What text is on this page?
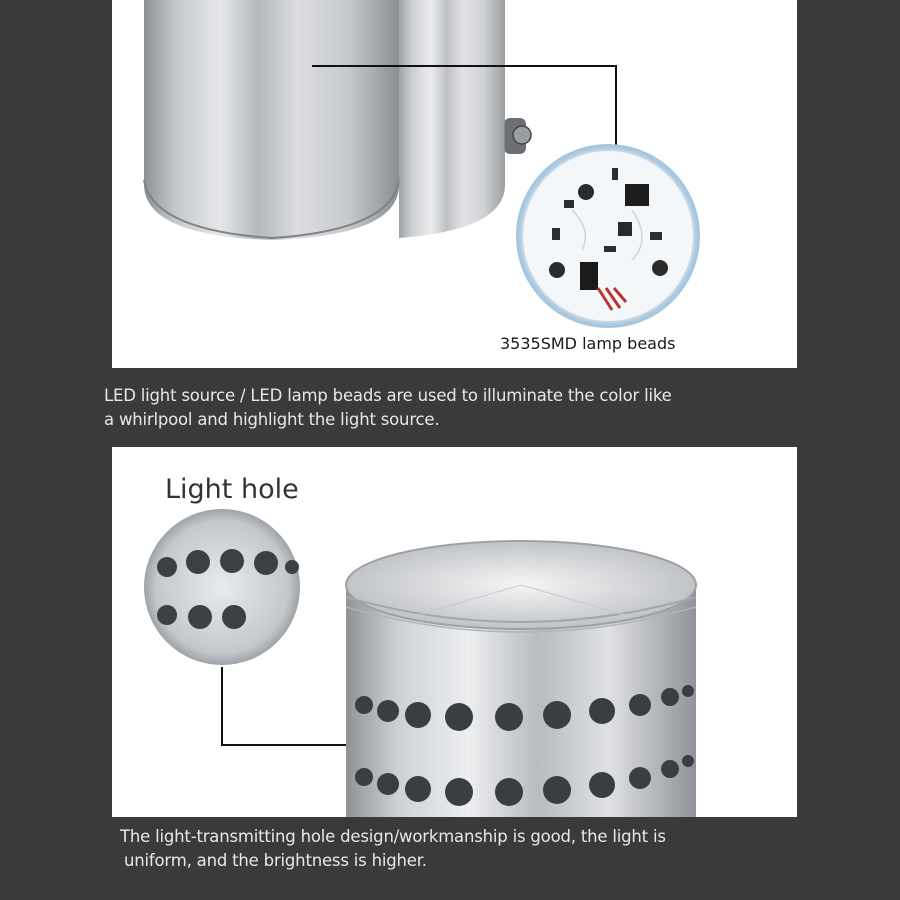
3535SMD lamp beads
LED light source / LED lamp beads are used to illuminate the color like
a whirlpool and highlight the light source.
Light hole
The light-transmitting hole design/workmanship is good, the light is
uniform, and the brightness is higher.
